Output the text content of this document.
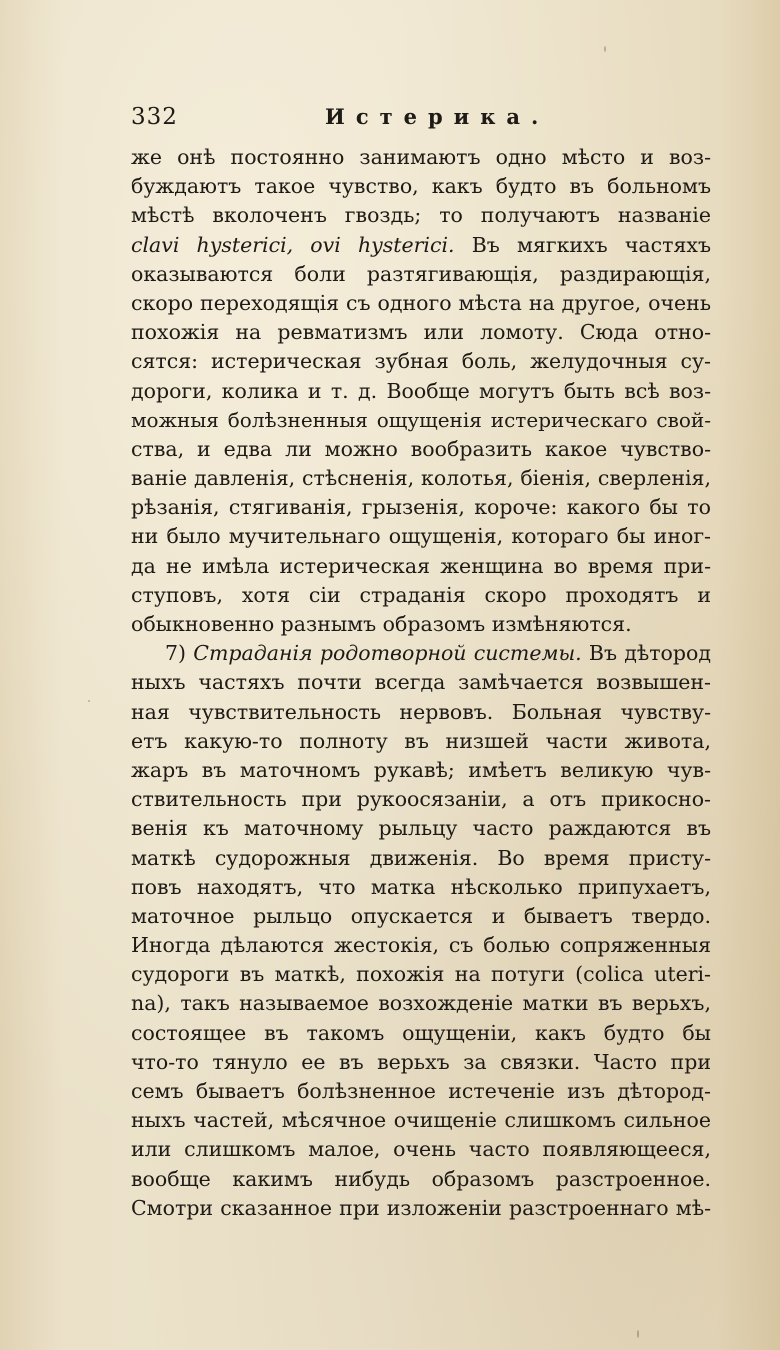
332	Истерика.
же онѣ постоянно занимаютъ одно мѣсто и воз-
буждаютъ такое чувство, какъ будто въ больномъ
мѣстѣ вколоченъ гвоздь; то получаютъ названіе
clavi hysterici, ovi hysterici. Въ мягкихъ частяхъ
оказываются боли разтягивающія, раздирающія,
скоро переходящія съ одного мѣста на другое, очень
похожія на ревматизмъ или ломоту. Сюда отно-
сятся: истерическая зубная боль, желудочныя су-
дороги, колика и т. д. Вообще могутъ быть всѣ воз-
можныя болѣзненныя ощущенія истерическаго свой-
ства, и едва ли можно вообразить какое чувство-
ваніе давленія, стѣсненія, колотья, біенія, сверленія,
рѣзанія, стягиванія, грызенія, короче: какого бы то
ни было мучительнаго ощущенія, котораго бы иног-
да не имѣла истерическая женщина во время при-
ступовъ, хотя сіи страданія скоро проходятъ и
обыкновенно разнымъ образомъ измѣняются.
7) Страданія родотворной системы. Въ дѣтород
ныхъ частяхъ почти всегда замѣчается возвышен-
ная чувствительность нервовъ. Больная чувству-
етъ какую-то полноту въ низшей части живота,
жаръ въ маточномъ рукавѣ; имѣетъ великую чув-
ствительность при рукоосязаніи, а отъ прикосно-
венія къ маточному рыльцу часто раждаются въ
маткѣ судорожныя движенія. Во время присту-
повъ находятъ, что матка нѣсколько припухаетъ,
маточное рыльцо опускается и бываетъ твердо.
Иногда дѣлаются жестокія, съ болью сопряженныя
судороги въ маткѣ, похожія на потуги (colica uteri-
na), такъ называемое возхожденіе матки въ верьхъ,
состоящее въ такомъ ощущеніи, какъ будто бы
что-то тянуло ее въ верьхъ за связки. Часто при
семъ бываетъ болѣзненное истеченіе изъ дѣтород-
ныхъ частей, мѣсячное очищеніе слишкомъ сильное
или слишкомъ малое, очень часто появляющееся,
вообще какимъ нибудь образомъ разстроенное.
Смотри сказанное при изложеніи разстроеннаго мѣ-
